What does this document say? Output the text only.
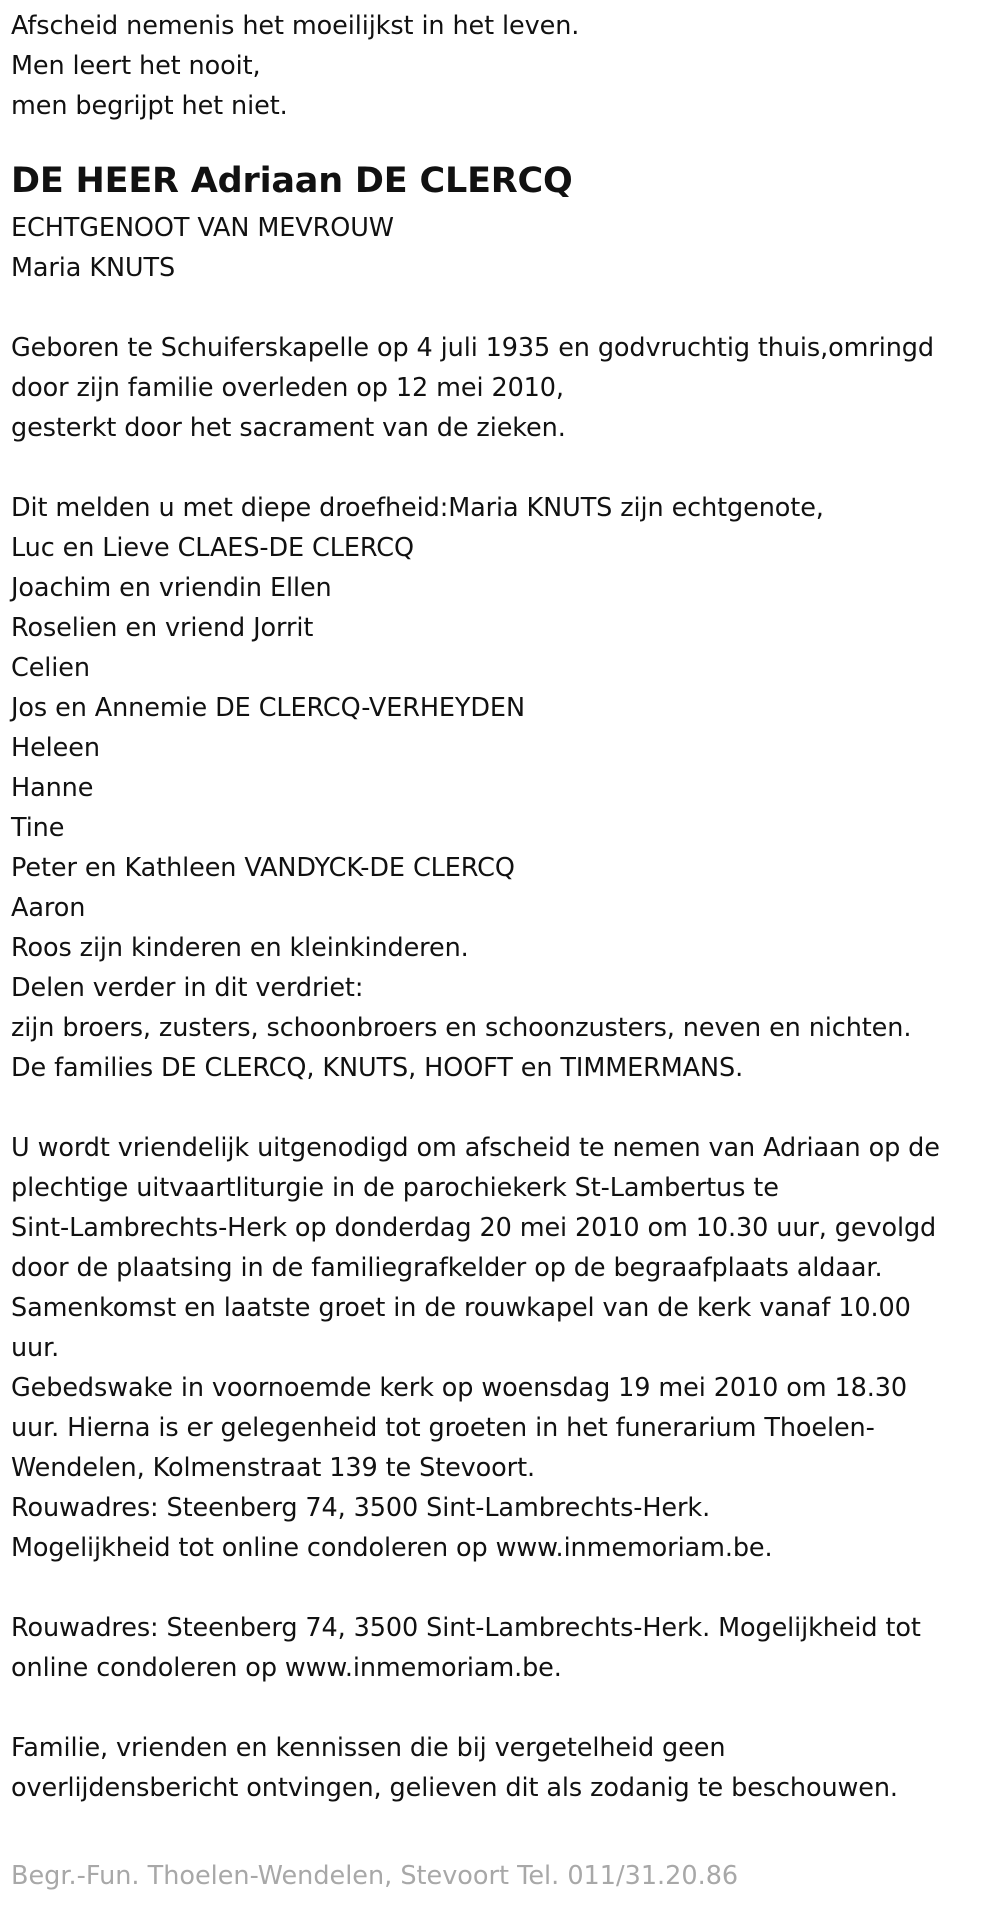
Afscheid nemenis het moeilijkst in het leven.
Men leert het nooit,
men begrijpt het niet.
DE HEER Adriaan DE CLERCQ
ECHTGENOOT VAN MEVROUW
Maria KNUTS
Geboren te Schuiferskapelle op 4 juli 1935 en godvruchtig thuis,omringd
door zijn familie overleden op 12 mei 2010,
gesterkt door het sacrament van de zieken.
Dit melden u met diepe droefheid:Maria KNUTS zijn echtgenote,
Luc en Lieve CLAES-DE CLERCQ
Joachim en vriendin Ellen
Roselien en vriend Jorrit
Celien
Jos en Annemie DE CLERCQ-VERHEYDEN
Heleen
Hanne
Tine
Peter en Kathleen VANDYCK-DE CLERCQ
Aaron
Roos zijn kinderen en kleinkinderen.
Delen verder in dit verdriet:
zijn broers, zusters, schoonbroers en schoonzusters, neven en nichten.
De families DE CLERCQ, KNUTS, HOOFT en TIMMERMANS.
U wordt vriendelijk uitgenodigd om afscheid te nemen van Adriaan op de
plechtige uitvaartliturgie in de parochiekerk St-Lambertus te
Sint-Lambrechts-Herk op donderdag 20 mei 2010 om 10.30 uur, gevolgd
door de plaatsing in de familiegrafkelder op de begraafplaats aldaar.
Samenkomst en laatste groet in de rouwkapel van de kerk vanaf 10.00
uur.
Gebedswake in voornoemde kerk op woensdag 19 mei 2010 om 18.30
uur. Hierna is er gelegenheid tot groeten in het funerarium Thoelen-
Wendelen, Kolmenstraat 139 te Stevoort.
Rouwadres: Steenberg 74, 3500 Sint-Lambrechts-Herk.
Mogelijkheid tot online condoleren op www.inmemoriam.be.
Rouwadres: Steenberg 74, 3500 Sint-Lambrechts-Herk. Mogelijkheid tot
online condoleren op www.inmemoriam.be.
Familie, vrienden en kennissen die bij vergetelheid geen
overlijdensbericht ontvingen, gelieven dit als zodanig te beschouwen.
Begr.-Fun. Thoelen-Wendelen, Stevoort Tel. 011/31.20.86
